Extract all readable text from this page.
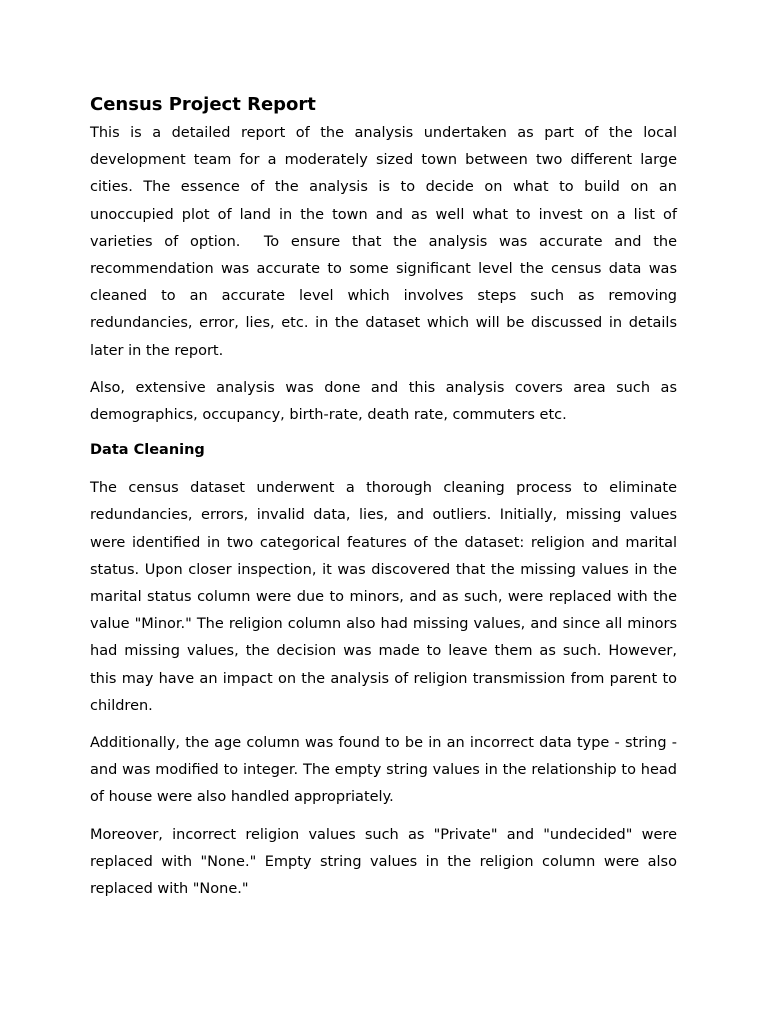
Census Project Report

This is a detailed report of the analysis undertaken as part of the local development team for a moderately sized town between two different large cities. The essence of the analysis is to decide on what to build on an unoccupied plot of land in the town and as well what to invest on a list of varieties of option.  To ensure that the analysis was accurate and the recommendation was accurate to some significant level the census data was cleaned to an accurate level which involves steps such as removing redundancies, error, lies, etc. in the dataset which will be discussed in details later in the report.

Also, extensive analysis was done and this analysis covers area such as demographics, occupancy, birth-rate, death rate, commuters etc.

Data Cleaning

The census dataset underwent a thorough cleaning process to eliminate redundancies, errors, invalid data, lies, and outliers. Initially, missing values were identified in two categorical features of the dataset: religion and marital status. Upon closer inspection, it was discovered that the missing values in the marital status column were due to minors, and as such, were replaced with the value "Minor." The religion column also had missing values, and since all minors had missing values, the decision was made to leave them as such. However, this may have an impact on the analysis of religion transmission from parent to children.

Additionally, the age column was found to be in an incorrect data type - string - and was modified to integer. The empty string values in the relationship to head of house were also handled appropriately.

Moreover, incorrect religion values such as "Private" and "undecided" were replaced with "None." Empty string values in the religion column were also replaced with "None."
